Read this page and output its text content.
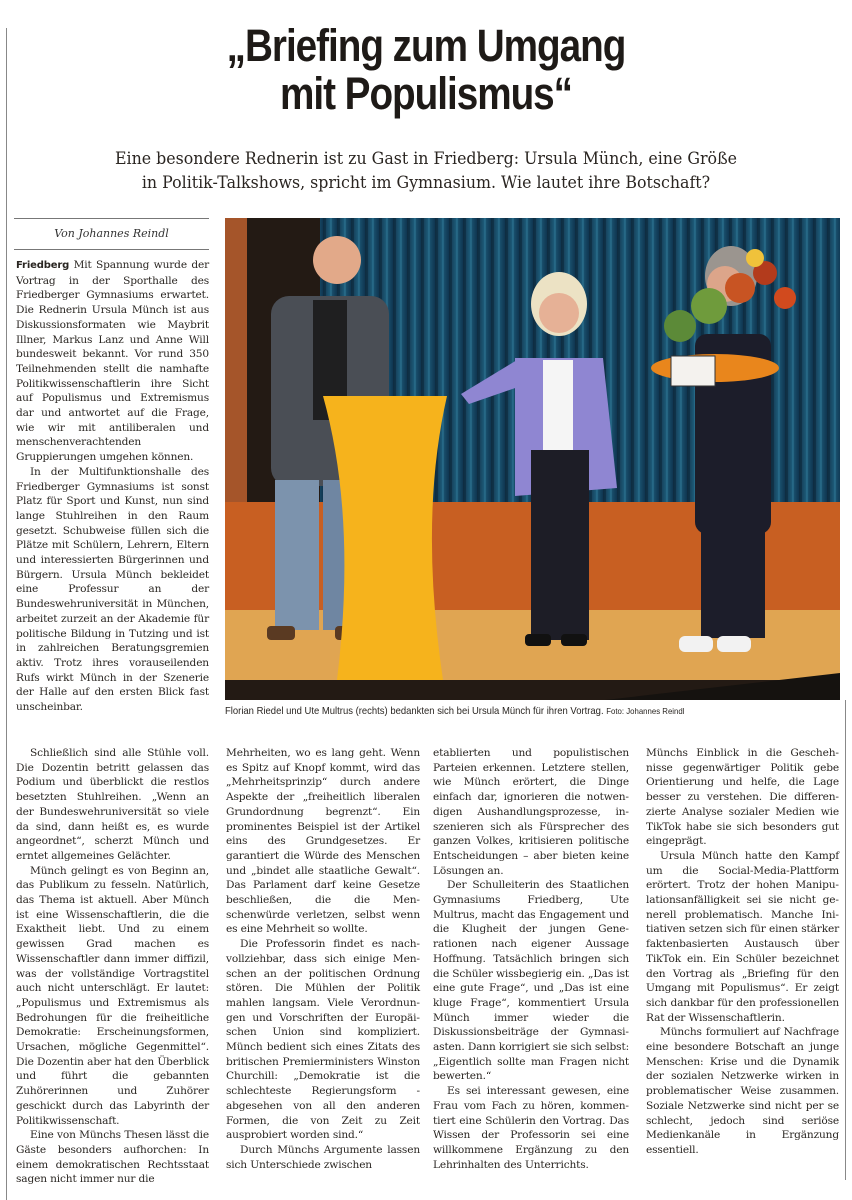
„Briefing zum Umgang
mit Populismus“
Eine besondere Rednerin ist zu Gast in Friedberg: Ursula Münch, eine Größe
in Politik-Talkshows, spricht im Gymnasium. Wie lautet ihre Botschaft?
Von Johannes Reindl

Friedberg Mit Spannung wurde der Vortrag in der Sporthalle des Friedberger Gymnasiums erwartet. Die Rednerin Ursula Münch ist aus Diskussionsformaten wie Maybrit Illner, Markus Lanz und Anne Will bundesweit bekannt. Vor rund 350 Teilnehmenden stellt die namhafte Politikwissenschaftlerin ihre Sicht auf Populismus und Extremismus dar und antwortet auf die Frage, wie wir mit antiliberalen und menschenverachtenden Gruppierungen umgehen können.

In der Multifunktionshalle des Friedberger Gymnasiums ist sonst Platz für Sport und Kunst, nun sind lange Stuhlreihen in den Raum gesetzt. Schubweise füllen sich die Plätze mit Schülern, Lehrern, Eltern und interessierten Bürgerinnen und Bürgern. Ursula Münch bekleidet eine Professur an der Bundeswehruniversität in München, arbeitet zurzeit an der Akademie für politische Bildung in Tutzing und ist in zahlreichen Beratungsgremien aktiv. Trotz ihres vorauseilenden Rufs wirkt Münch in der Szenerie der Halle auf den ersten Blick fast unscheinbar.	Florian Riedel und Ute Multrus (rechts) bedankten sich bei Ursula Münch für ihren Vortrag. Foto: Johannes Reindl

Schließlich sind alle Stühle voll. Die Dozentin betritt gelassen das Podium und überblickt die restlos besetzten Stuhlreihen. „Wenn an der Bundeswehruniversität so viele da sind, dann heißt es, es wurde angeordnet“, scherzt Münch und erntet allgemeines Gelächter.

Münch gelingt es von Beginn an, das Publikum zu fesseln. Natürlich, das Thema ist aktuell. Aber Münch ist eine Wissenschaftlerin, die die Exaktheit liebt. Und zu einem gewissen Grad machen es Wissenschaftler dann immer diffizil, was der vollständige Vortragstitel auch nicht unterschlägt. Er lautet: „Populismus und Extremismus als Bedrohungen für die freiheitliche Demokratie: Erscheinungsformen, Ursachen, mögliche Gegenmittel“. Die Dozentin aber hat den Überblick und führt die gebannten Zuhörerinnen und Zuhörer geschickt durch das Labyrinth der Politikwissenschaft.

Eine von Münchs Thesen lässt die Gäste besonders aufhorchen: In einem demokratischen Rechtsstaat sagen nicht immer nur die

Mehrheiten, wo es lang geht. Wenn es Spitz auf Knopf kommt, wird das „Mehrheitsprinzip“ durch andere Aspekte der „freiheitlich liberalen Grundordnung begrenzt“. Ein prominentes Beispiel ist der Artikel eins des Grundgesetzes. Er garantiert die Würde des Menschen und „bindet alle staatliche Gewalt“. Das Parlament darf keine Gesetze beschließen, die die Menschenwürde verletzen, selbst wenn es eine Mehrheit so wollte.

Die Professorin findet es nachvollziehbar, dass sich einige Menschen an der politischen Ordnung stören. Die Mühlen der Politik mahlen langsam. Viele Verordnungen und Vorschriften der Europäischen Union sind kompliziert. Münch bedient sich eines Zitats des britischen Premierministers Winston Churchill: „Demokratie ist die schlechteste Regierungsform - abgesehen von all den anderen Formen, die von Zeit zu Zeit ausprobiert worden sind.“

Durch Münchs Argumente lassen sich Unterschiede zwischen

etablierten und populistischen Parteien erkennen. Letztere stellen, wie Münch erörtert, die Dinge einfach dar, ignorieren die notwendigen Aushandlungsprozesse, inszenieren sich als Fürsprecher des ganzen Volkes, kritisieren politische Entscheidungen – aber bieten keine Lösungen an.

Der Schulleiterin des Staatlichen Gymnasiums Friedberg, Ute Multrus, macht das Engagement und die Klugheit der jungen Generationen nach eigener Aussage Hoffnung. Tatsächlich bringen sich die Schüler wissbegierig ein. „Das ist eine gute Frage“, und „Das ist eine kluge Frage“, kommentiert Ursula Münch immer wieder die Diskussionsbeiträge der Gymnasiasten. Dann korrigiert sie sich selbst: „Eigentlich sollte man Fragen nicht bewerten.“

Es sei interessant gewesen, eine Frau vom Fach zu hören, kommentiert eine Schülerin den Vortrag. Das Wissen der Professorin sei eine willkommene Ergänzung zu den Lehrinhalten des Unterrichts.

Münchs Einblick in die Geschehnisse gegenwärtiger Politik gebe Orientierung und helfe, die Lage besser zu verstehen. Die differenzierte Analyse sozialer Medien wie TikTok habe sie sich besonders gut eingeprägt.

Ursula Münch hatte den Kampf um die Social-Media-Plattform erörtert. Trotz der hohen Manipulationsanfälligkeit sei sie nicht generell problematisch. Manche Initiativen setzen sich für einen stärker faktenbasierten Austausch über TikTok ein. Ein Schüler bezeichnet den Vortrag als „Briefing für den Umgang mit Populismus“. Er zeigt sich dankbar für den professionellen Rat der Wissenschaftlerin.

Münchs formuliert auf Nachfrage eine besondere Botschaft an junge Menschen: Krise und die Dynamik der sozialen Netzwerke wirken in problematischer Weise zusammen. Soziale Netzwerke sind nicht per se schlecht, jedoch sind seriöse Medienkanäle in Ergänzung essentiell.
